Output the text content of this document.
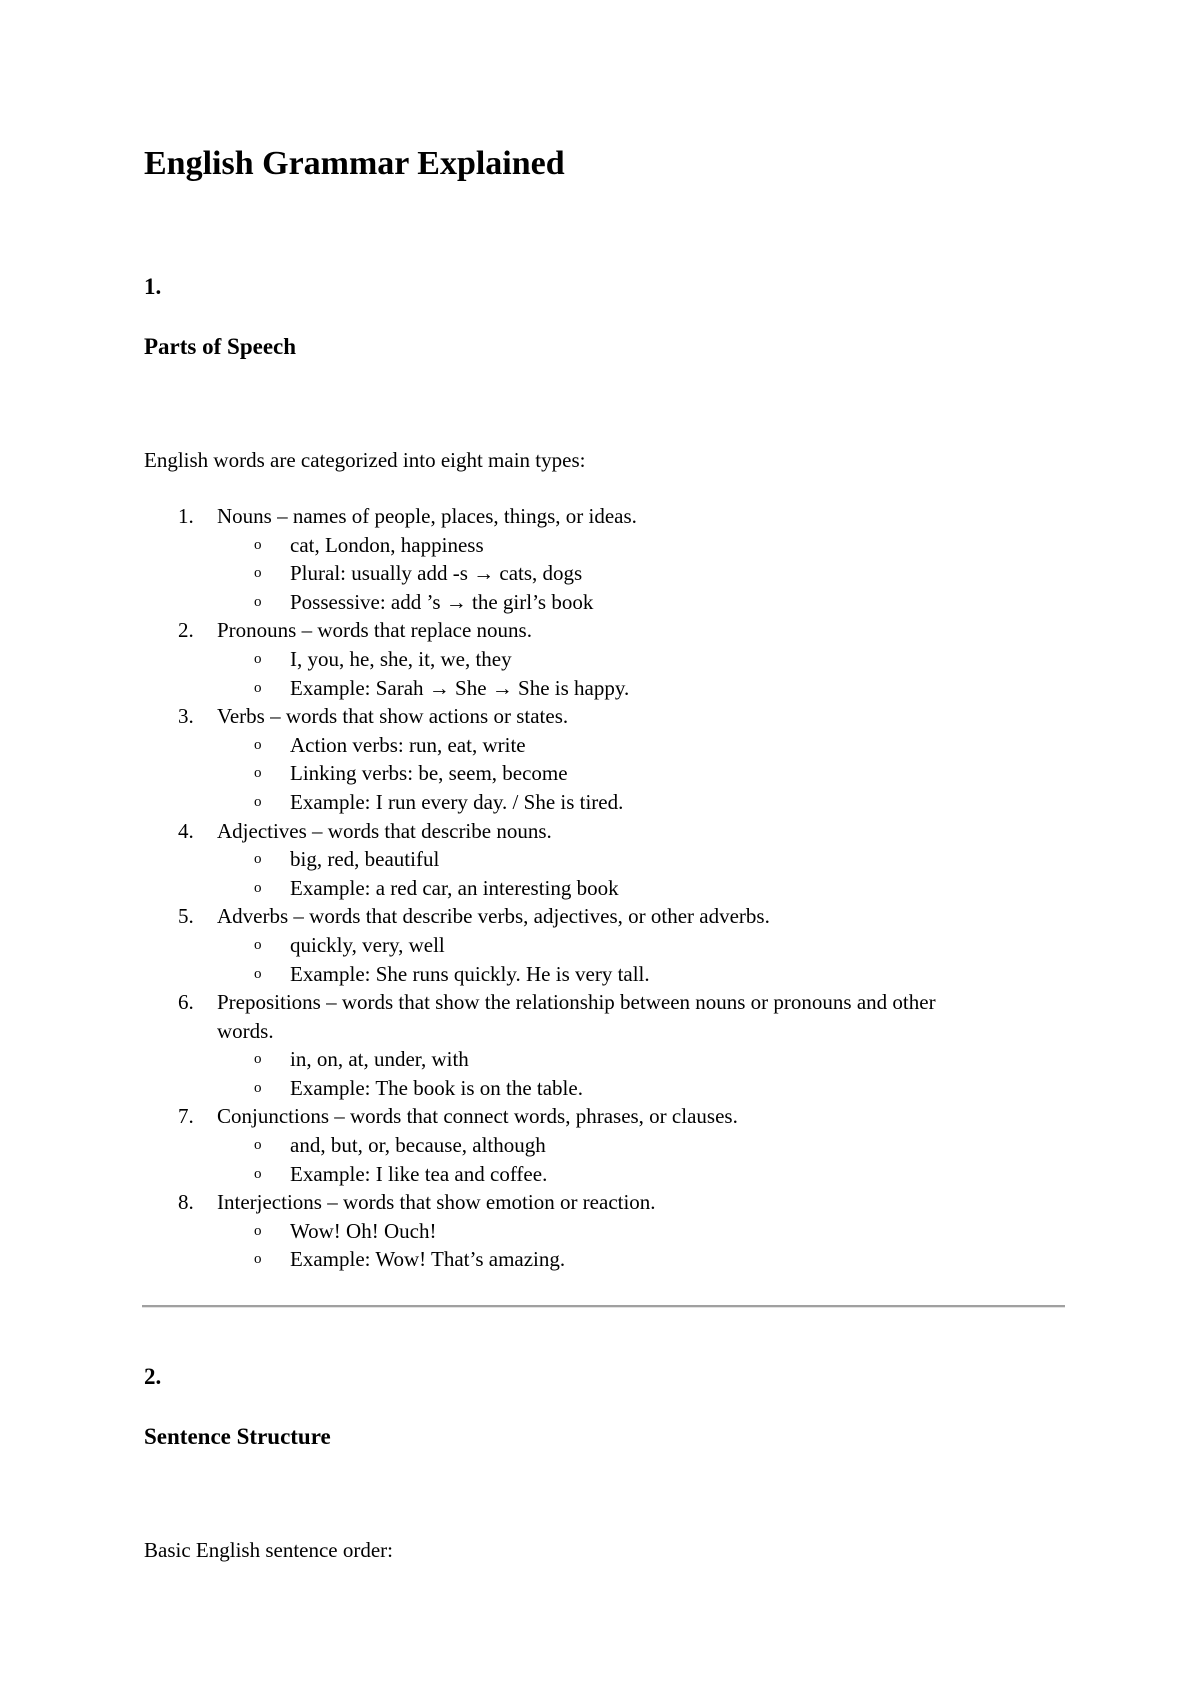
English Grammar Explained
1.
Parts of Speech

English words are categorized into eight main types:

1.	Nouns – names of people, places, things, or ideas.
o cat, London, happiness
o Plural: usually add -s → cats, dogs
o Possessive: add ’s → the girl’s book
2.	Pronouns – words that replace nouns.
o I, you, he, she, it, we, they
o Example: Sarah → She → She is happy.
3.	Verbs – words that show actions or states.
o Action verbs: run, eat, write
o Linking verbs: be, seem, become
o Example: I run every day. / She is tired.
4.	Adjectives – words that describe nouns.
o big, red, beautiful
o Example: a red car, an interesting book
5.	Adverbs – words that describe verbs, adjectives, or other adverbs.
o quickly, very, well
o Example: She runs quickly. He is very tall.
6.	Prepositions – words that show the relationship between nouns or pronouns and other
words.
o in, on, at, under, with
o Example: The book is on the table.
7.	Conjunctions – words that connect words, phrases, or clauses.
o and, but, or, because, although
o Example: I like tea and coffee.
8.	Interjections – words that show emotion or reaction.
o Wow! Oh! Ouch!
o Example: Wow! That’s amazing.
2.
Sentence Structure

Basic English sentence order:
